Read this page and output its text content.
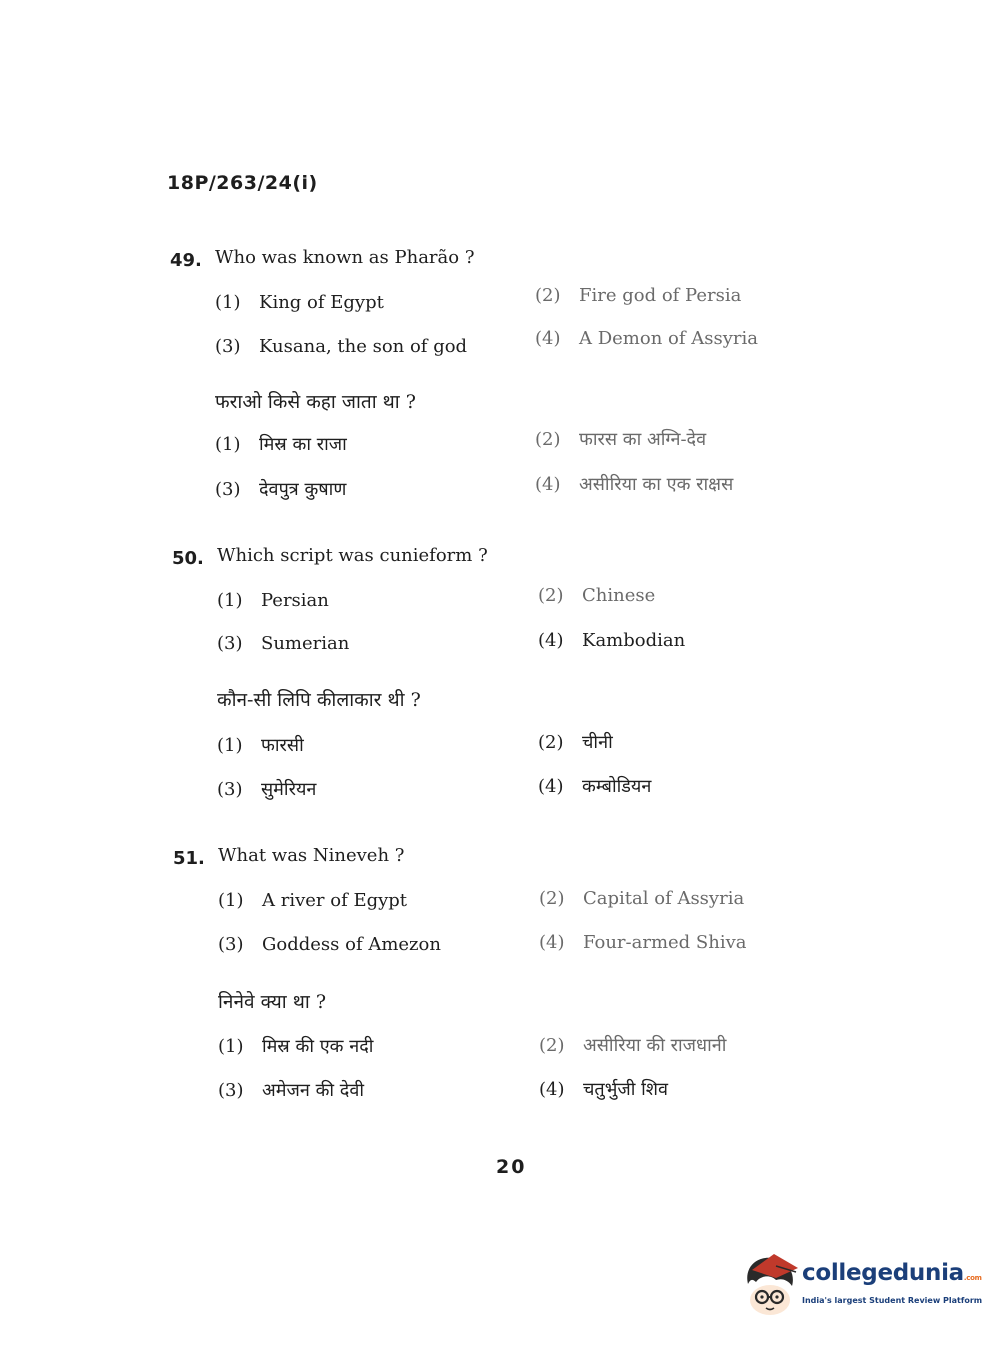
18P/263/24(i)
49. Who was known as Pharão ?
(1) King of Egypt	(2) Fire god of Persia
(3) Kusana, the son of god	(4) A Demon of Assyria
फराओ किसे कहा जाता था ?
(1) मिस्र का राजा	(2) फारस का अग्नि-देव
(3) देवपुत्र कुषाण	(4) असीरिया का एक राक्षस
50. Which script was cunieform ?
(1) Persian	(2) Chinese
(3) Sumerian	(4) Kambodian
कौन-सी लिपि कीलाकार थी ?
(1) फारसी	(2) चीनी
(3) सुमेरियन	(4) कम्बोडियन
51. What was Nineveh ?
(1) A river of Egypt	(2) Capital of Assyria
(3) Goddess of Amezon	(4) Four-armed Shiva
निनेवे क्या था ?
(1) मिस्र की एक नदी	(2) असीरिया की राजधानी
(3) अमेजन की देवी	(4) चतुर्भुजी शिव
20
collegedunia.com
India's largest Student Review Platform
